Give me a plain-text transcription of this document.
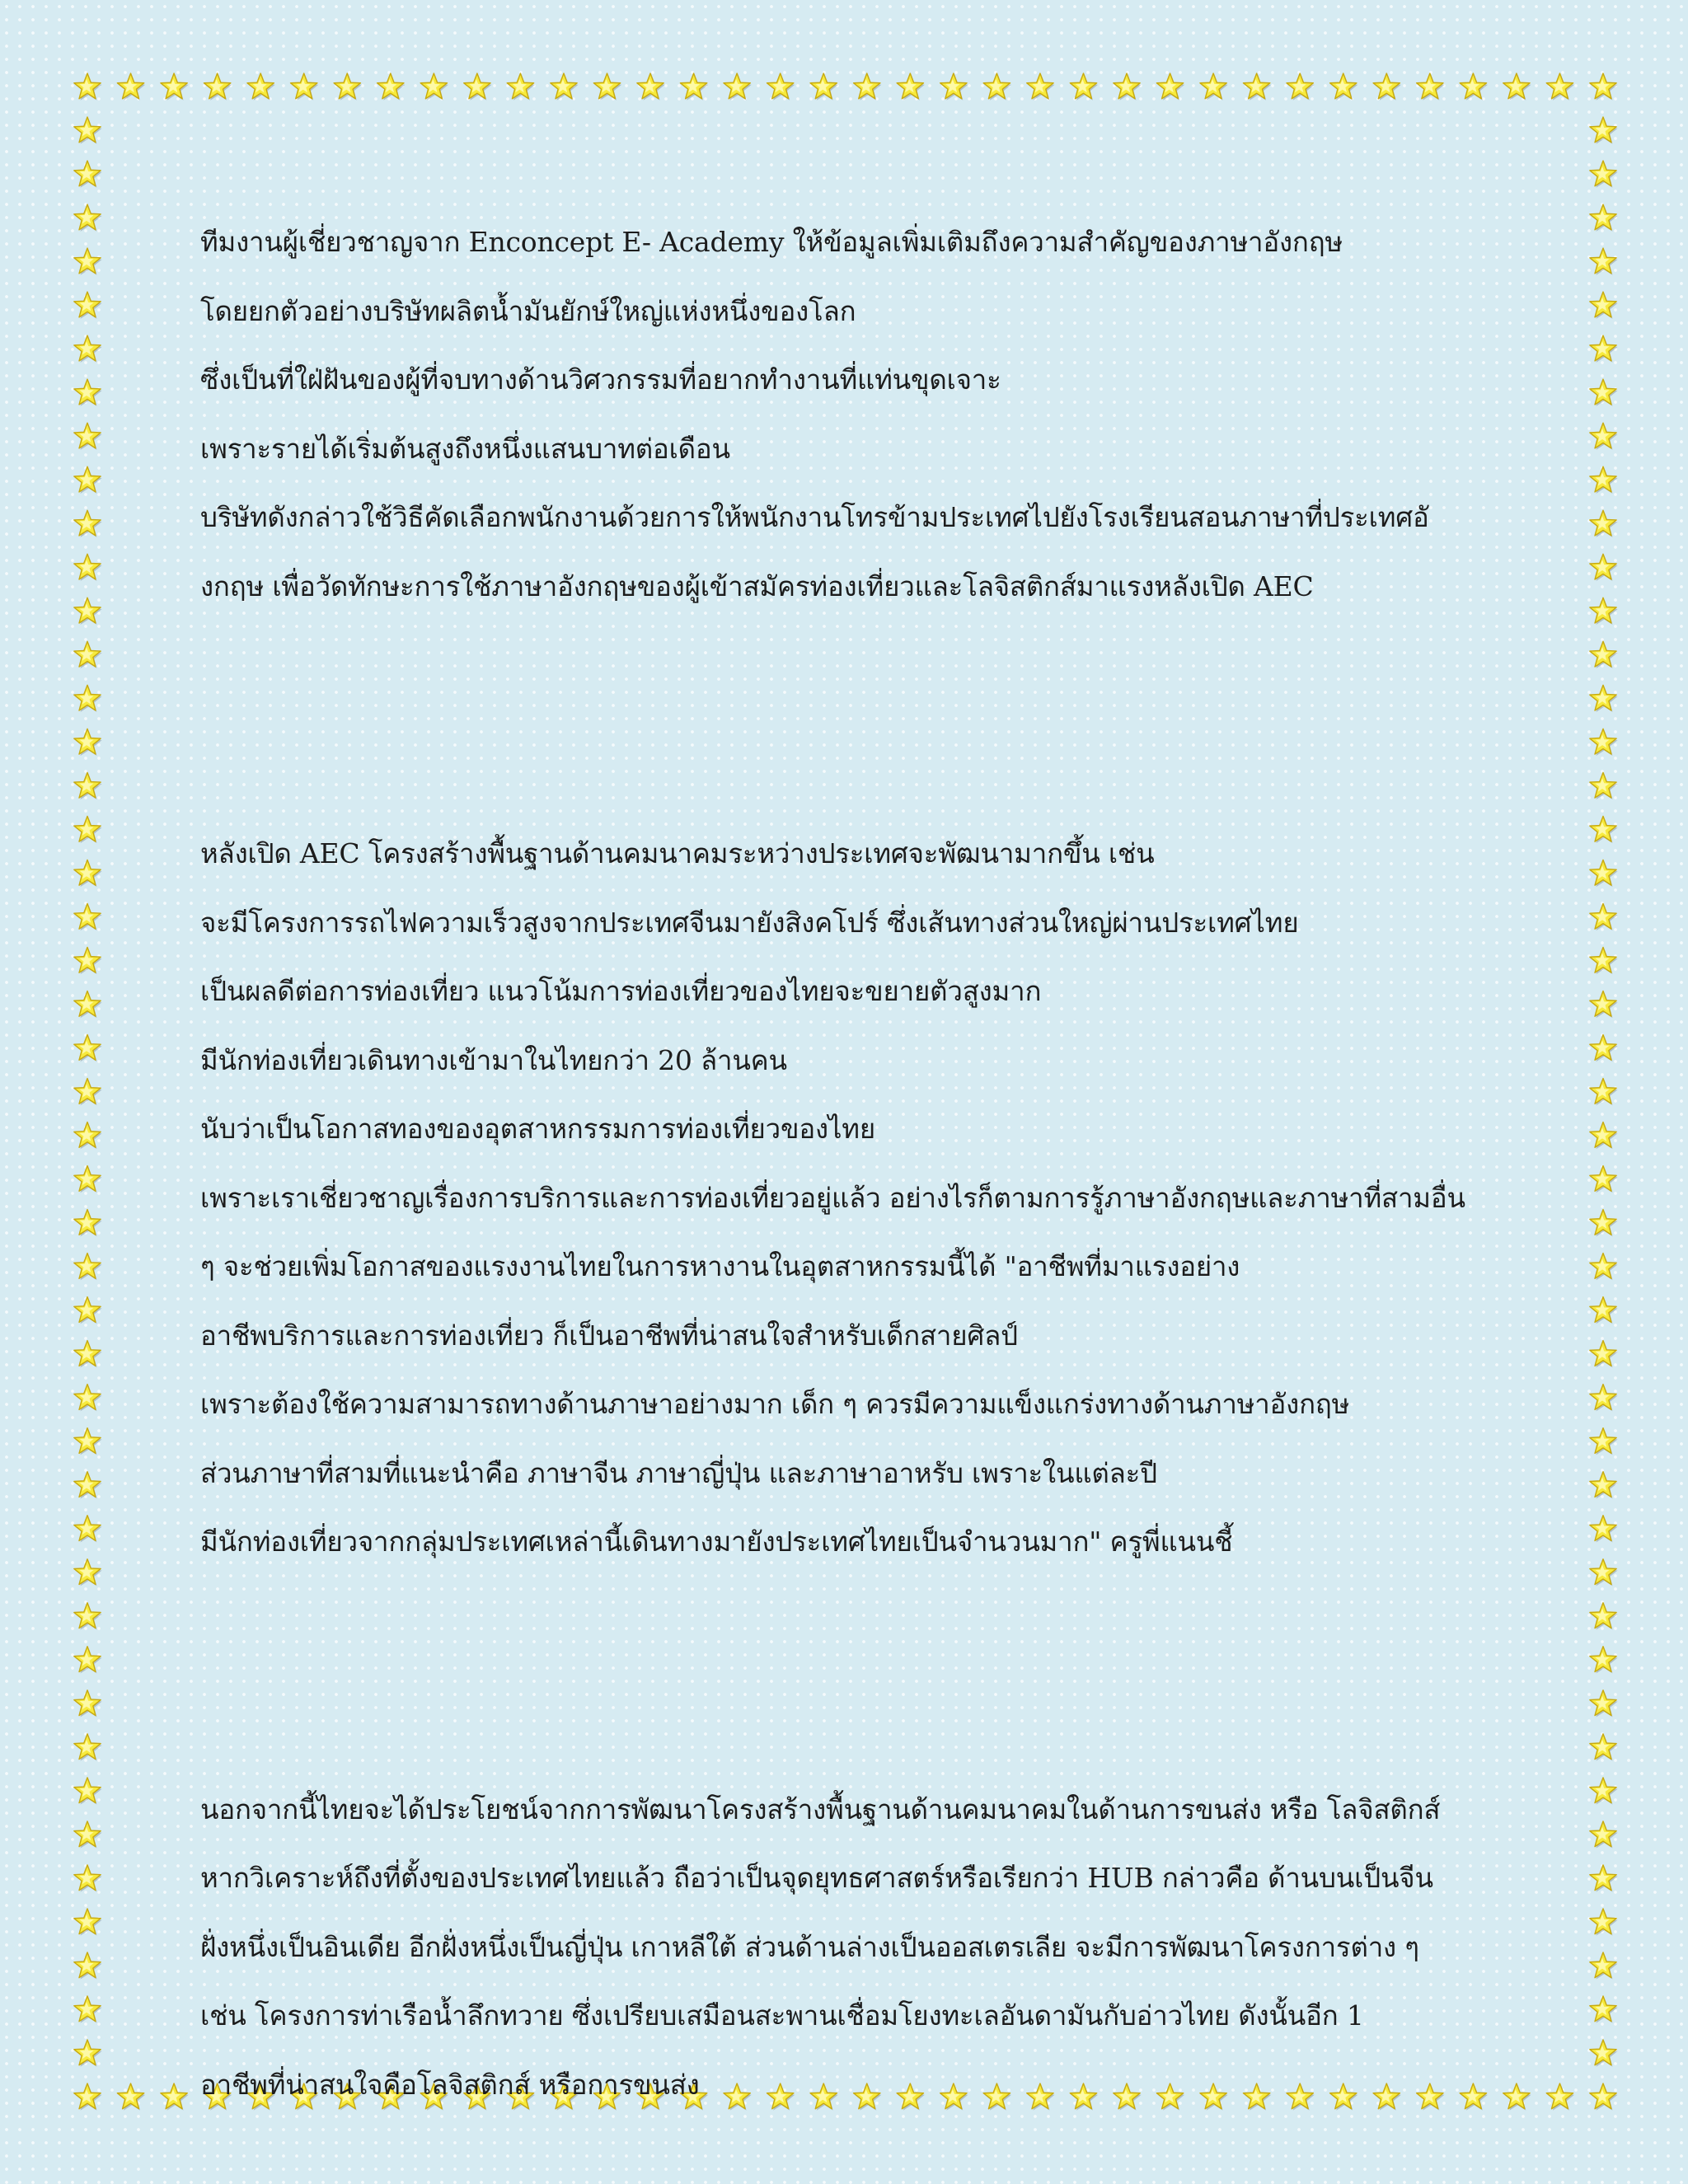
ทีมงานผู้เชี่ยวชาญจาก Enconcept E- Academy ให้ข้อมูลเพิ่มเติมถึงความสำคัญของภาษาอังกฤษ
โดยยกตัวอย่างบริษัทผลิตน้ำมันยักษ์ใหญ่แห่งหนึ่งของโลก
ซึ่งเป็นที่ใฝ่ฝันของผู้ที่จบทางด้านวิศวกรรมที่อยากทำงานที่แท่นขุดเจาะ
เพราะรายได้เริ่มต้นสูงถึงหนึ่งแสนบาทต่อเดือน
บริษัทดังกล่าวใช้วิธีคัดเลือกพนักงานด้วยการให้พนักงานโทรข้ามประเทศไปยังโรงเรียนสอนภาษาที่ประเทศอั
งกฤษ เพื่อวัดทักษะการใช้ภาษาอังกฤษของผู้เข้าสมัครท่องเที่ยวและโลจิสติกส์มาแรงหลังเปิด AEC
หลังเปิด AEC โครงสร้างพื้นฐานด้านคมนาคมระหว่างประเทศจะพัฒนามากขึ้น เช่น
จะมีโครงการรถไฟความเร็วสูงจากประเทศจีนมายังสิงคโปร์ ซึ่งเส้นทางส่วนใหญ่ผ่านประเทศไทย
เป็นผลดีต่อการท่องเที่ยว แนวโน้มการท่องเที่ยวของไทยจะขยายตัวสูงมาก
มีนักท่องเที่ยวเดินทางเข้ามาในไทยกว่า 20 ล้านคน
นับว่าเป็นโอกาสทองของอุตสาหกรรมการท่องเที่ยวของไทย
เพราะเราเชี่ยวชาญเรื่องการบริการและการท่องเที่ยวอยู่แล้ว อย่างไรก็ตามการรู้ภาษาอังกฤษและภาษาที่สามอื่น
ๆ จะช่วยเพิ่มโอกาสของแรงงานไทยในการหางานในอุตสาหกรรมนี้ได้ "อาชีพที่มาแรงอย่าง
อาชีพบริการและการท่องเที่ยว ก็เป็นอาชีพที่น่าสนใจสำหรับเด็กสายศิลป์
เพราะต้องใช้ความสามารถทางด้านภาษาอย่างมาก เด็ก ๆ ควรมีความแข็งแกร่งทางด้านภาษาอังกฤษ
ส่วนภาษาที่สามที่แนะนำคือ ภาษาจีน ภาษาญี่ปุ่น และภาษาอาหรับ เพราะในแต่ละปี
มีนักท่องเที่ยวจากกลุ่มประเทศเหล่านี้เดินทางมายังประเทศไทยเป็นจำนวนมาก" ครูพี่แนนชี้
นอกจากนี้ไทยจะได้ประโยชน์จากการพัฒนาโครงสร้างพื้นฐานด้านคมนาคมในด้านการขนส่ง หรือ โลจิสติกส์
หากวิเคราะห์ถึงที่ตั้งของประเทศไทยแล้ว ถือว่าเป็นจุดยุทธศาสตร์หรือเรียกว่า HUB กล่าวคือ ด้านบนเป็นจีน
ฝั่งหนึ่งเป็นอินเดีย อีกฝั่งหนึ่งเป็นญี่ปุ่น เกาหลีใต้ ส่วนด้านล่างเป็นออสเตรเลีย จะมีการพัฒนาโครงการต่าง ๆ
เช่น โครงการท่าเรือน้ำลึกทวาย ซึ่งเปรียบเสมือนสะพานเชื่อมโยงทะเลอันดามันกับอ่าวไทย ดังนั้นอีก 1
อาชีพที่น่าสนใจคือโลจิสติกส์ หรือการขนส่ง
